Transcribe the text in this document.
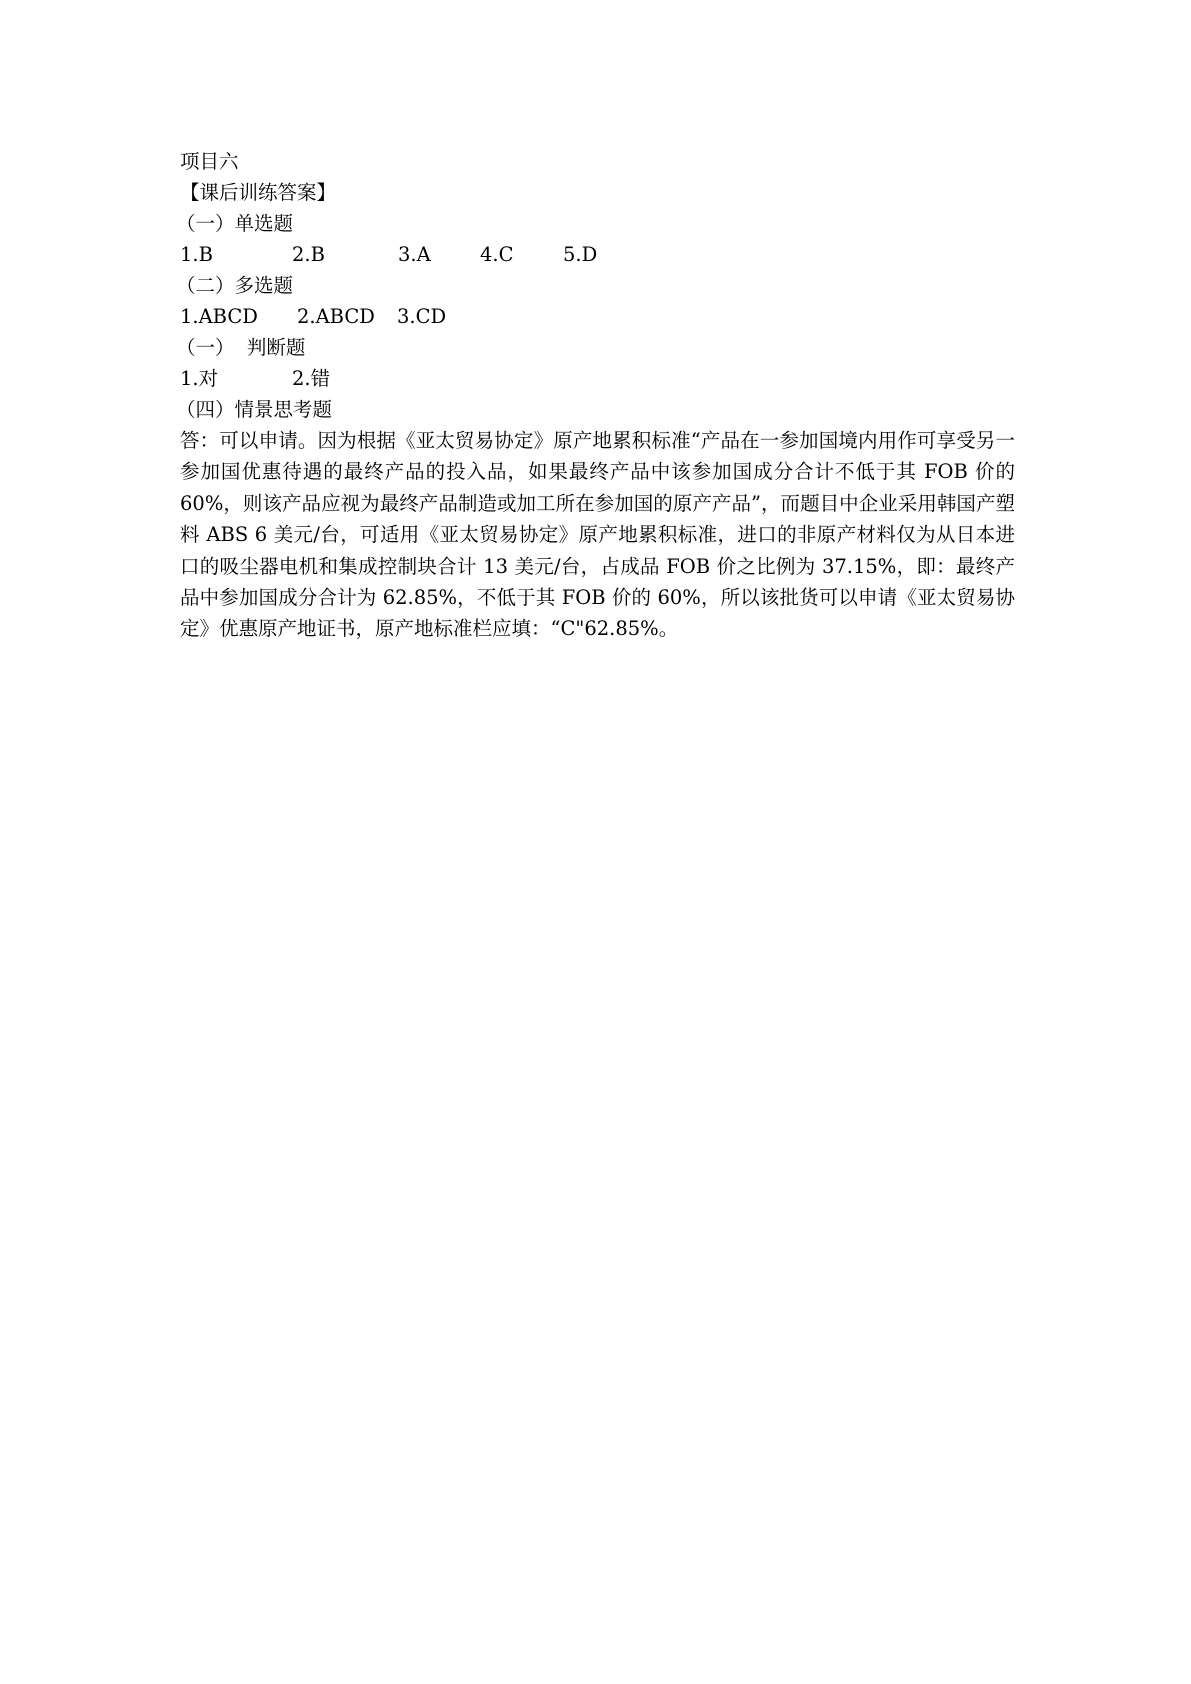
项目六
【课后训练答案】
（一）单选题
1.B	2.B	3.A	4.C	5.D
（二）多选题
1.ABCD 2.ABCD 3.CD
（一）  判断题
1.对	2.错
（四）情景思考题

答：可以申请。因为根据《亚太贸易协定》原产地累积标准“产品在一参加国境内用作可享受另一参加国优惠待遇的最终产品的投入品，如果最终产品中该参加国成分合计不低于其 FOB 价的 60%，则该产品应视为最终产品制造或加工所在参加国的原产产品”，而题目中企业采用韩国产塑料 ABS 6 美元/台，可适用《亚太贸易协定》原产地累积标准，进口的非原产材料仅为从日本进口的吸尘器电机和集成控制块合计 13 美元/台，占成品 FOB 价之比例为 37.15%，即：最终产品中参加国成分合计为 62.85%，不低于其 FOB 价的 60%，所以该批货可以申请《亚太贸易协定》优惠原产地证书，原产地标准栏应填：“C"62.85%。
